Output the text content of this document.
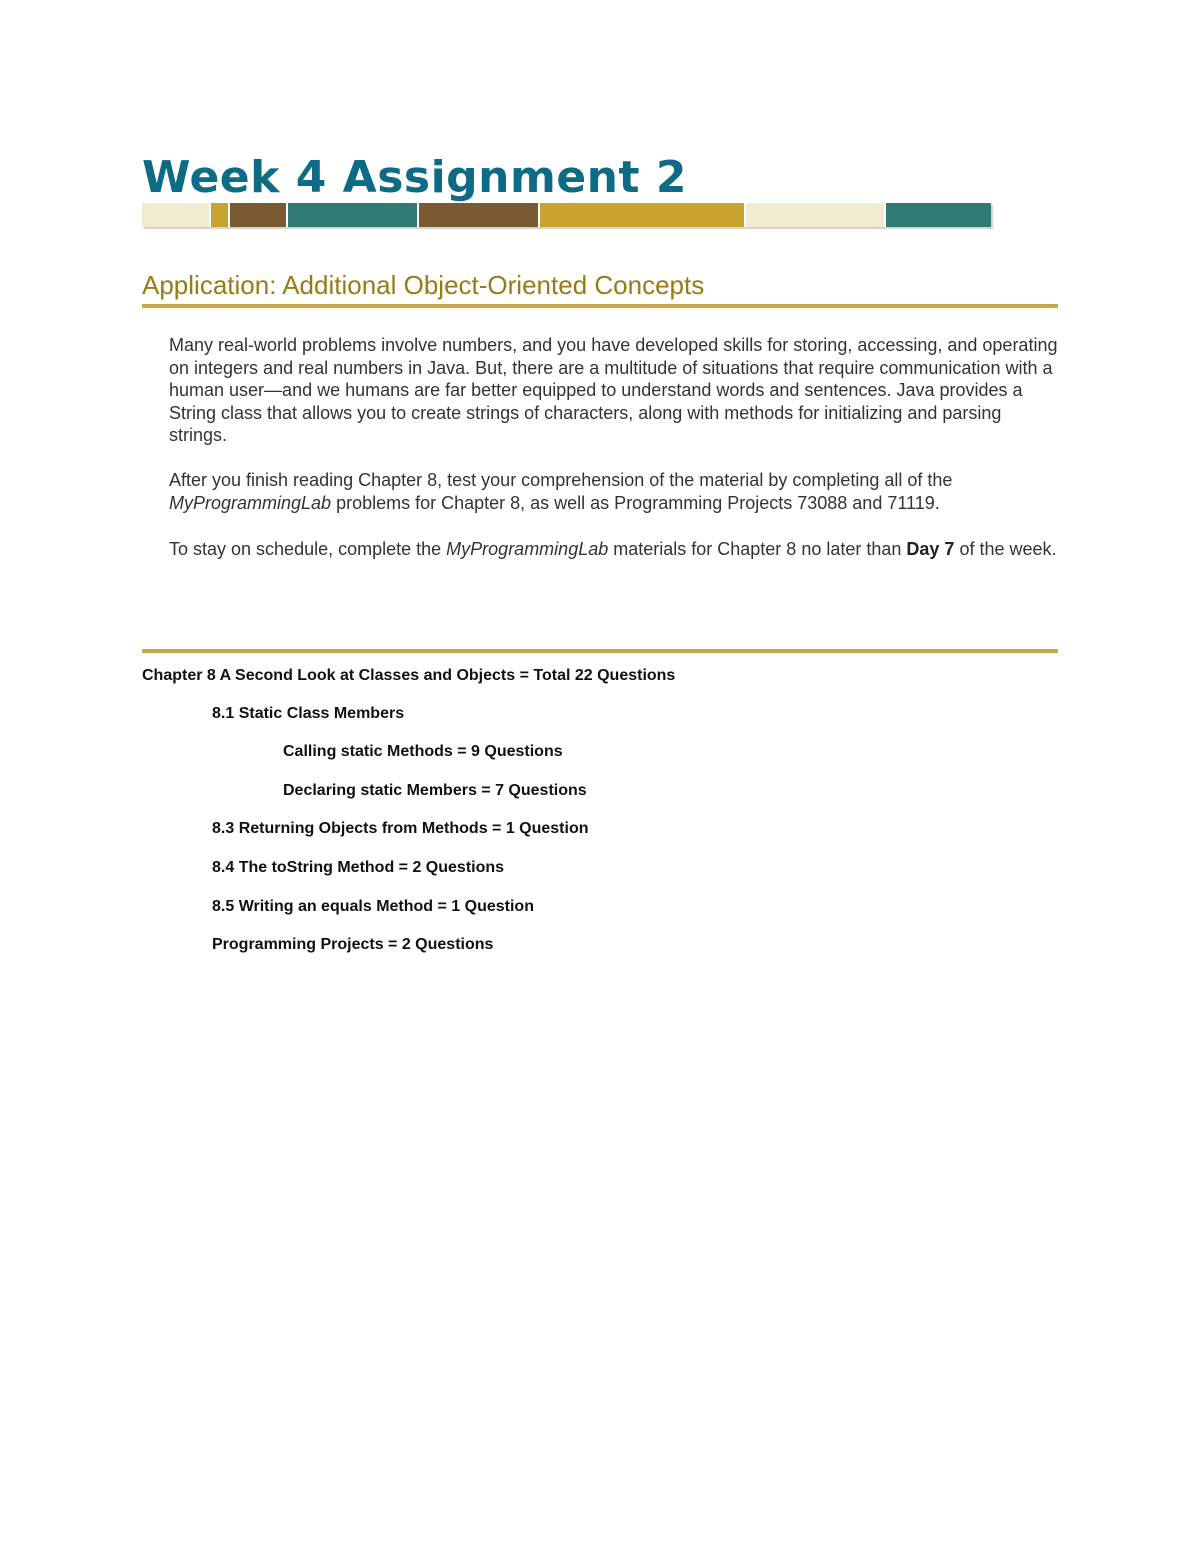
Week 4 Assignment 2
Application: Additional Object-Oriented Concepts

Many real-world problems involve numbers, and you have developed skills for storing, accessing, and operating on integers and real numbers in Java. But, there are a multitude of situations that require communication with a human user—and we humans are far better equipped to understand words and sentences. Java provides a String class that allows you to create strings of characters, along with methods for initializing and parsing strings.

After you finish reading Chapter 8, test your comprehension of the material by completing all of the MyProgrammingLab problems for Chapter 8, as well as Programming Projects 73088 and 71119.

To stay on schedule, complete the MyProgrammingLab materials for Chapter 8 no later than Day 7 of the week.

Chapter 8 A Second Look at Classes and Objects = Total 22 Questions

8.1 Static Class Members

Calling static Methods = 9 Questions

Declaring static Members = 7 Questions

8.3 Returning Objects from Methods = 1 Question

8.4 The toString Method = 2 Questions

8.5 Writing an equals Method = 1 Question

Programming Projects = 2 Questions
